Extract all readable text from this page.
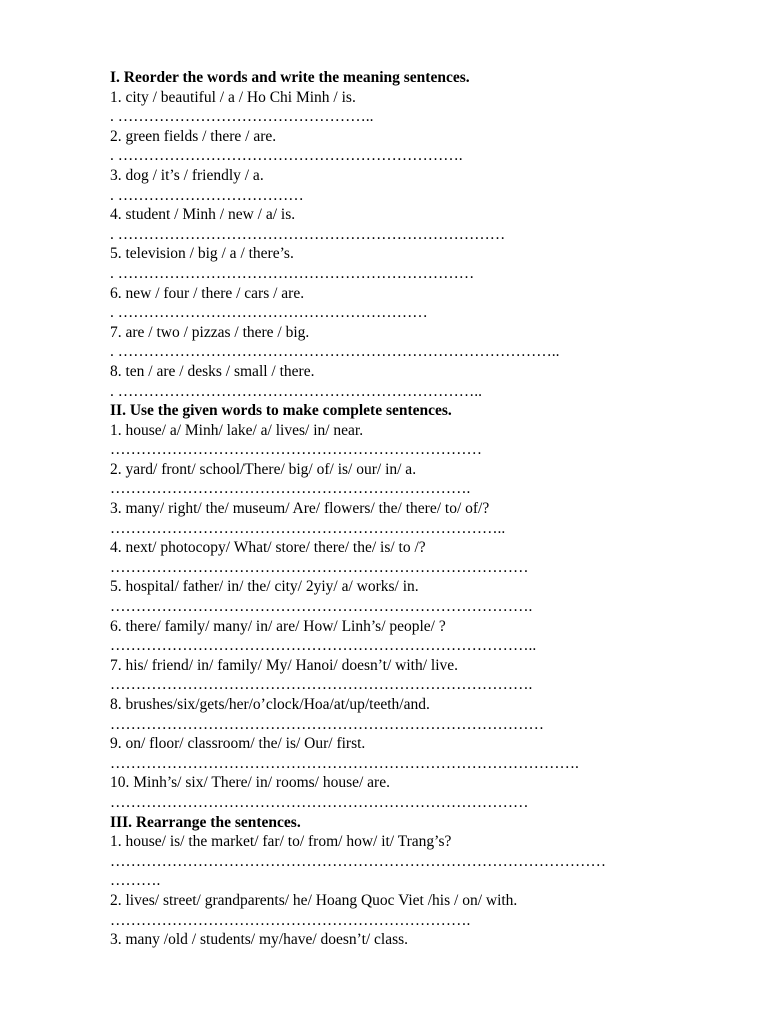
I. Reorder the words and write the meaning sentences.
1. city / beautiful / a / Ho Chi Minh / is.
. …………………………………………..
2. green fields / there / are.
. ………………………………………………………….
3. dog / it’s / friendly / a.
. ………………………………
4. student / Minh / new / a/ is.
. …………………………………………………………………
5. television / big / a / there’s.
. ……………………………………………………………
6. new / four / there / cars / are.
. ……………………………………………………
7. are / two / pizzas / there / big.
. …………………………………………………………………………..
8. ten / are / desks / small / there.
. ……………………………………………………………..
II. Use the given words to make complete sentences.
1. house/ a/ Minh/ lake/ a/ lives/ in/ near.
………………………………………………………………
2. yard/ front/ school/There/ big/ of/ is/ our/ in/ a.
…………………………………………………………….
3. many/ right/ the/ museum/ Are/ flowers/ the/ there/ to/ of/?
…………………………………………………………………..
4. next/ photocopy/ What/ store/ there/ the/ is/ to /?
………………………………………………………………………
5. hospital/ father/ in/ the/ city/ 2yiy/ a/ works/ in.
……………………………………………………………………….
6. there/ family/ many/ in/ are/ How/ Linh’s/ people/ ?
………………………………………………………………………..
7. his/ friend/ in/ family/ My/ Hanoi/ doesn’t/ with/ live.
……………………………………………………………………….
8. brushes/six/gets/her/o’clock/Hoa/at/up/teeth/and.
…………………………………………………………………………
9. on/ floor/ classroom/ the/ is/ Our/ first.
……………………………………………………………………………….
10. Minh’s/ six/ There/ in/ rooms/ house/ are.
………………………………………………………………………
III. Rearrange the sentences.
1. house/ is/ the market/ far/ to/ from/ how/ it/ Trang’s?
……………………………………………………………………………………
……….
2. lives/ street/ grandparents/ he/ Hoang Quoc Viet /his / on/ with.
…………………………………………………………….
3. many /old / students/ my/have/ doesn’t/ class.
